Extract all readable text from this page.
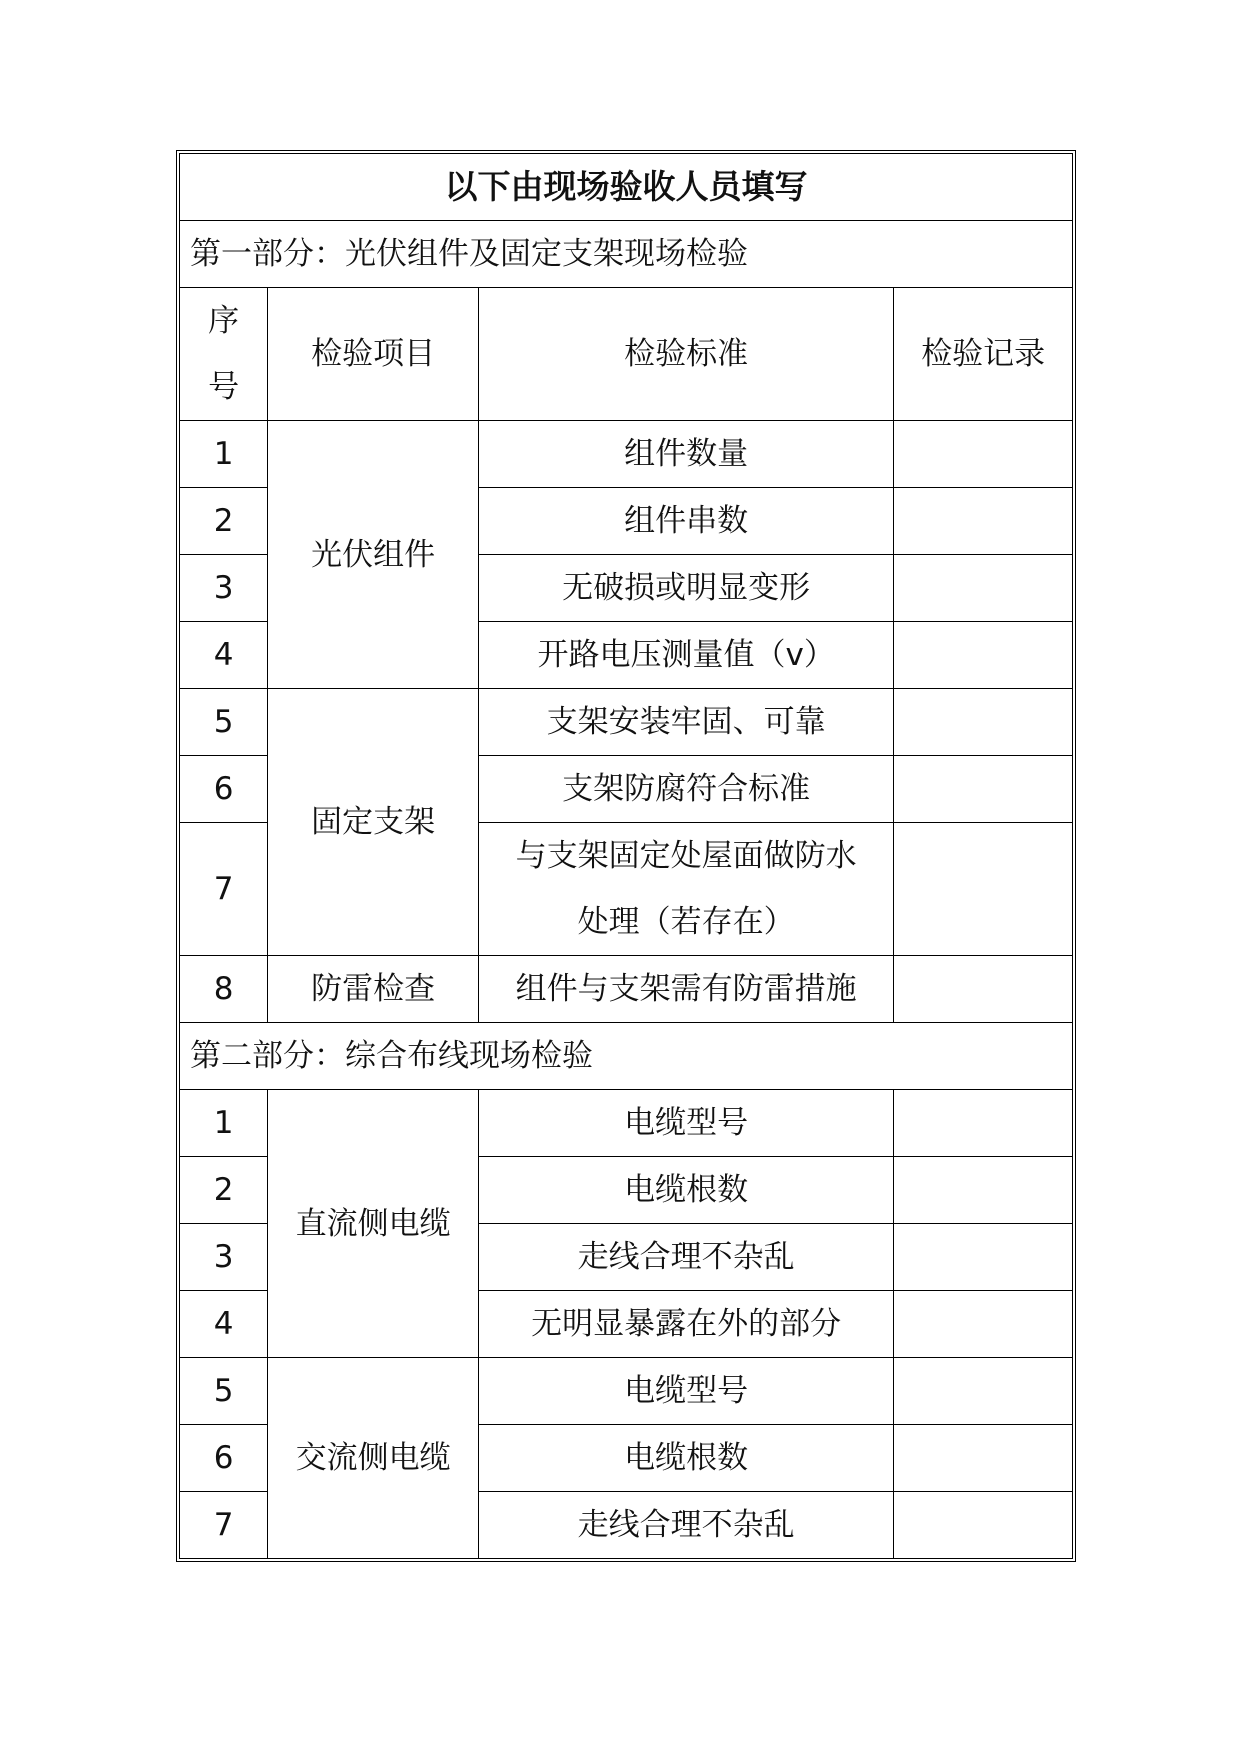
以下由现场验收人员填写			
第一部分：光伏组件及固定支架现场检验			

序
号	检验项目	检验标准	检验记录
1	光伏组件	组件数量	
2		组件串数	
3		无破损或明显变形	
4		开路电压测量值（v）	
5	固定支架	支架安装牢固、可靠	
6		支架防腐符合标准	
7		与支架固定处屋面做防水
处理（若存在）	

8	防雷检查	组件与支架需有防雷措施	
第二部分：综合布线现场检验			
1	直流侧电缆	电缆型号	
2		电缆根数	
3		走线合理不杂乱	
4		无明显暴露在外的部分	
5	交流侧电缆	电缆型号	
6		电缆根数	
7		走线合理不杂乱	
